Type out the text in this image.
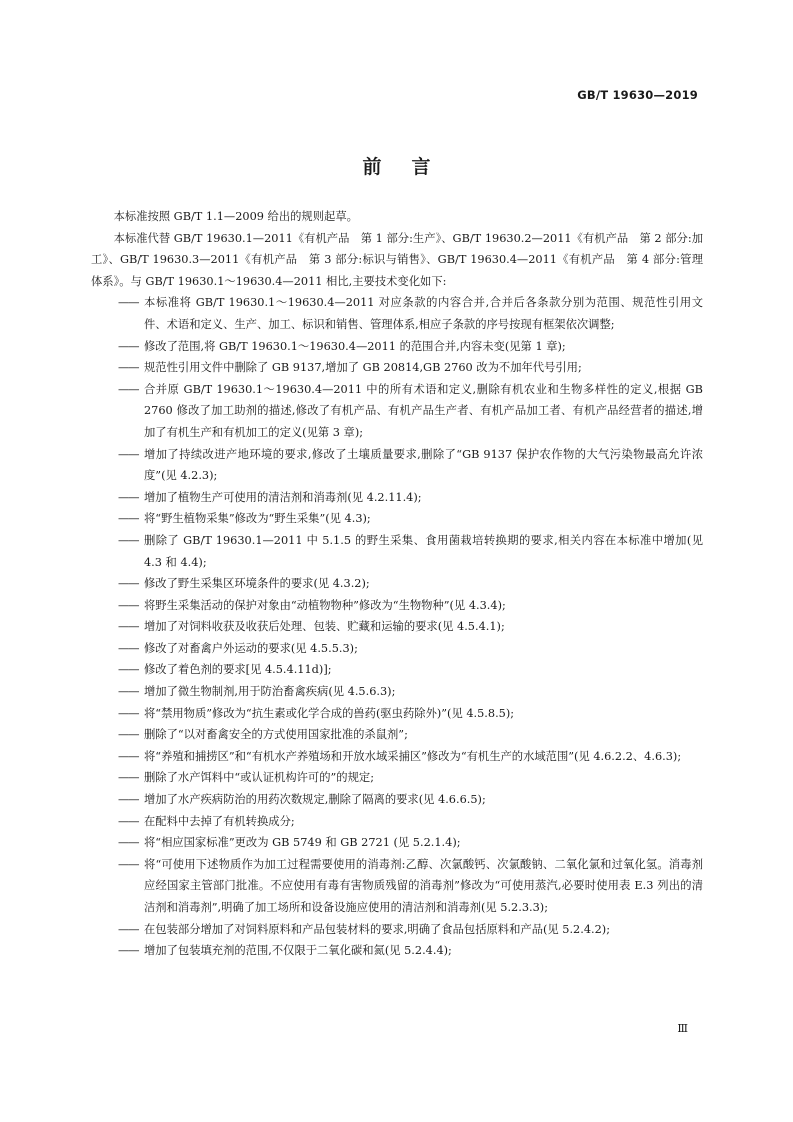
GB/T 19630—2019
前言

本标准按照 GB/T 1.1—2009 给出的规则起草。

本标准代替 GB/T 19630.1—2011《有机产品　第 1 部分:生产》、GB/T 19630.2—2011《有机产品　第 2 部分:加工》、GB/T 19630.3—2011《有机产品　第 3 部分:标识与销售》、GB/T 19630.4—2011《有机产品　第 4 部分:管理体系》。与 GB/T 19630.1～19630.4—2011 相比,主要技术变化如下:

—— 本标准将 GB/T 19630.1～19630.4—2011 对应条款的内容合并,合并后各条款分别为范围、规范性引用文件、术语和定义、生产、加工、标识和销售、管理体系,相应子条款的序号按现有框架依次调整;

—— 修改了范围,将 GB/T 19630.1～19630.4—2011 的范围合并,内容未变(见第 1 章);

—— 规范性引用文件中删除了 GB 9137,增加了 GB 20814,GB 2760 改为不加年代号引用;

—— 合并原 GB/T 19630.1～19630.4—2011 中的所有术语和定义,删除有机农业和生物多样性的定义,根据 GB 2760 修改了加工助剂的描述,修改了有机产品、有机产品生产者、有机产品加工者、有机产品经营者的描述,增加了有机生产和有机加工的定义(见第 3 章);

—— 增加了持续改进产地环境的要求,修改了土壤质量要求,删除了“GB 9137 保护农作物的大气污染物最高允许浓度”(见 4.2.3);

—— 增加了植物生产可使用的清洁剂和消毒剂(见 4.2.11.4);

—— 将“野生植物采集”修改为“野生采集”(见 4.3);

—— 删除了 GB/T 19630.1—2011 中 5.1.5 的野生采集、食用菌栽培转换期的要求,相关内容在本标准中增加(见 4.3 和 4.4);

—— 修改了野生采集区环境条件的要求(见 4.3.2);

—— 将野生采集活动的保护对象由“动植物物种”修改为“生物物种”(见 4.3.4);

—— 增加了对饲料收获及收获后处理、包装、贮藏和运输的要求(见 4.5.4.1);

—— 修改了对畜禽户外运动的要求(见 4.5.5.3);

—— 修改了着色剂的要求[见 4.5.4.11d)];

—— 增加了微生物制剂,用于防治畜禽疾病(见 4.5.6.3);

—— 将“禁用物质”修改为“抗生素或化学合成的兽药(驱虫药除外)”(见 4.5.8.5);

—— 删除了“以对畜禽安全的方式使用国家批准的杀鼠剂”;

—— 将“养殖和捕捞区”和“有机水产养殖场和开放水域采捕区”修改为“有机生产的水域范围”(见 4.6.2.2、4.6.3);

—— 删除了水产饵料中“或认证机构许可的”的规定;

—— 增加了水产疾病防治的用药次数规定,删除了隔离的要求(见 4.6.6.5);

—— 在配料中去掉了有机转换成分;

—— 将“相应国家标准”更改为 GB 5749 和 GB 2721 (见 5.2.1.4);

—— 将“可使用下述物质作为加工过程需要使用的消毒剂:乙醇、次氯酸钙、次氯酸钠、二氧化氯和过氧化氢。消毒剂应经国家主管部门批准。不应使用有毒有害物质残留的消毒剂”修改为“可使用蒸汽,必要时使用表 E.3 列出的清洁剂和消毒剂”,明确了加工场所和设备设施应使用的清洁剂和消毒剂(见 5.2.3.3);

—— 在包装部分增加了对饲料原料和产品包装材料的要求,明确了食品包括原料和产品(见 5.2.4.2);

—— 增加了包装填充剂的范围,不仅限于二氧化碳和氮(见 5.2.4.4);

Ⅲ
